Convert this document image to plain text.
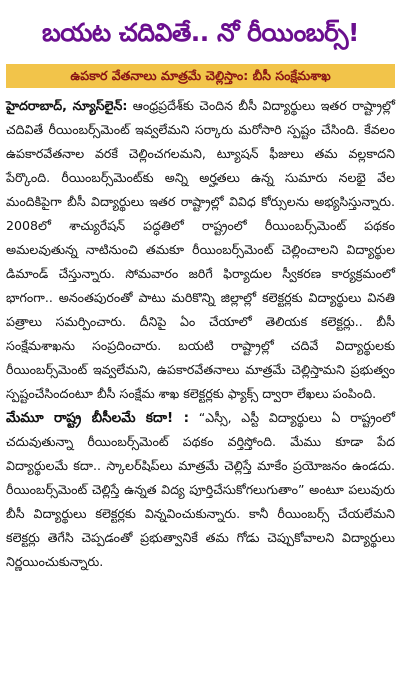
బయట చదివితే.. నో రీయింబర్స్‌!
ఉపకార వేతనాలు మాత్రమే చెల్లిస్తాం: బీసీ సంక్షేమశాఖ

హైదరాబాద్, న్యూస్‌లైన్: ఆంధ్రప్రదేశ్‌కు చెందిన బీసీ విద్యార్థులు ఇతర రాష్ట్రాల్లో చదివితే రీయింబర్స్‌మెంట్ ఇవ్వలేమని సర్కారు మరోసారి స్పష్టం చేసింది. కేవలం ఉపకారవేతనాల వరకే చెల్లించగలమని, ట్యూషన్ ఫీజులు తమ వల్లకాదని పేర్కొంది. రీయింబర్స్‌మెంట్‌కు అన్ని అర్హతలు ఉన్న సుమారు నలభై వేల మందికిపైగా బీసీ విద్యార్థులు ఇతర రాష్ట్రాల్లో వివిధ కోర్సులను అభ్యసిస్తున్నారు. 2008లో శాచ్యురేషన్ పద్ధతిలో రాష్ట్రంలో రీయింబర్స్‌మెంట్ పథకం అమలవుతున్న నాటినుంచి తమకూ రీయింబర్స్‌మెంట్ చెల్లించాలని విద్యార్థుల డిమాండ్ చేస్తున్నారు. సోమవారం జరిగే ఫిర్యాదుల స్వీకరణ కార్యక్రమంలో భాగంగా.. అనంతపురంతో పాటు మరికొన్ని జిల్లాల్లో కలెక్టర్లకు విద్యార్థులు వినతి పత్రాలు సమర్పించారు. దీనిపై ఏం చేయాలో తెలియక కలెక్టర్లు.. బీసీ సంక్షేమశాఖను సంప్రదించారు. బయటి రాష్ట్రాల్లో చదివే విద్యార్థులకు రీయింబర్స్‌మెంట్ ఇవ్వలేమని, ఉపకారవేతనాలు మాత్రమే చెల్లిస్తామని ప్రభుత్వం స్పష్టంచేసిందంటూ బీసీ సంక్షేమ శాఖ కలెక్టర్లకు ఫ్యాక్స్ ద్వారా లేఖలు పంపింది.

మేమూ రాష్ట్ర బీసీలమే కదా! : “ఎస్సీ, ఎస్టీ విద్యార్థులు ఏ రాష్ట్రంలో చదువుతున్నా రీయింబర్స్‌మెంట్ పథకం వర్తిస్తోంది. మేము కూడా పేద విద్యార్థులమే కదా.. స్కాలర్‌షిప్‌లు మాత్రమే చెల్లిస్తే మాకేం ప్రయోజనం ఉండదు. రీయింబర్స్‌మెంట్ చెల్లిస్తే ఉన్నత విద్య పూర్తిచేసుకోగలుగుతాం” అంటూ పలువురు బీసీ విద్యార్థులు కలెక్టర్లకు విన్నవించుకున్నారు. కానీ రీయింబర్స్ చేయలేమని కలెక్టర్లు తెగేసి చెప్పడంతో ప్రభుత్వానికే తమ గోడు చెప్పుకోవాలని విద్యార్థులు నిర్ణయించుకున్నారు.
